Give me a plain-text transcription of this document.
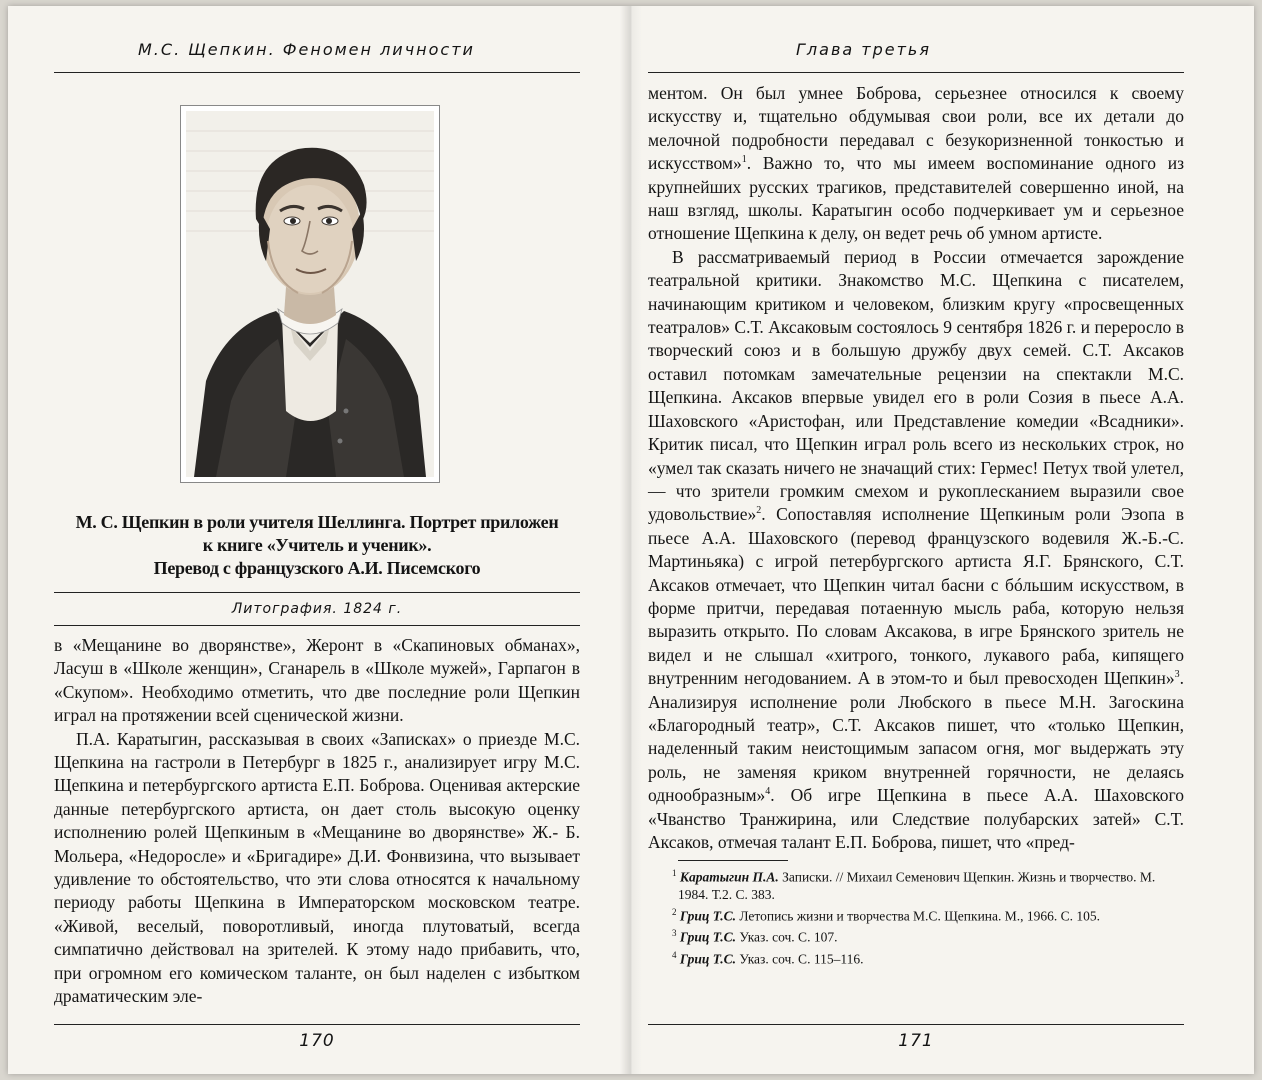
М.С. Щепкин. Феномен личности
М. С. Щепкин в роли учителя Шеллинга. Портрет приложен
к книге «Учитель и ученик».
Перевод с французского А.И. Писемского
Литография. 1824 г.

в «Мещанине во дворянстве», Жеронт в «Скапиновых обманах», Ласуш в «Школе женщин», Сганарель в «Школе мужей», Гарпагон в «Скупом». Необходимо отметить, что две последние роли Щепкин играл на протяжении всей сценической жизни.

П.А. Каратыгин, рассказывая в своих «Записках» о приезде М.С. Щепкина на гастроли в Петербург в 1825 г., анализирует игру М.С. Щепкина и петербургского артиста Е.П. Боброва. Оценивая актерские данные петербургского артиста, он дает столь высокую оценку исполнению ролей Щепкиным в «Мещанине во дворянстве» Ж.- Б. Мольера, «Недоросле» и «Бригадире» Д.И. Фонвизина, что вызывает удивление то обстоятельство, что эти слова относятся к начальному периоду работы Щепкина в Императорском московском театре. «Живой, веселый, поворотливый, иногда плутоватый, всегда симпатично действовал на зрителей. К этому надо прибавить, что, при огромном его комическом таланте, он был наделен с избытком драматическим эле-

170
Глава третья

ментом. Он был умнее Боброва, серьезнее относился к своему искусству и, тщательно обдумывая свои роли, все их детали до мелочной подробности передавал с безукоризненной тонкостью и искусством»$^1$. Важно то, что мы имеем воспоминание одного из крупнейших русских трагиков, представителей совершенно иной, на наш взгляд, школы. Каратыгин особо подчеркивает ум и серьезное отношение Щепкина к делу, он ведет речь об умном артисте.

В рассматриваемый период в России отмечается зарождение театральной критики. Знакомство М.С. Щепкина с писателем, начинающим критиком и человеком, близким кругу «просвещенных театралов» С.Т. Аксаковым состоялось 9 сентября 1826 г. и переросло в творческий союз и в большую дружбу двух семей. С.Т. Аксаков оставил потомкам замечательные рецензии на спектакли М.С. Щепкина. Аксаков впервые увидел его в роли Созия в пьесе А.А. Шаховского «Аристофан, или Представление комедии «Всадники». Критик писал, что Щепкин играл роль всего из нескольких строк, но «умел так сказать ничего не значащий стих: Гермес! Петух твой улетел, — что зрители громким смехом и рукоплесканием выразили свое удовольствие»$^2$. Сопоставляя исполнение Щепкиным роли Эзопа в пьесе А.А. Шаховского (перевод французского водевиля Ж.-Б.-С. Мартиньяка) с игрой петербургского артиста Я.Г. Брянского, С.Т. Аксаков отмечает, что Щепкин читал басни с бóльшим искусством, в форме притчи, передавая потаенную мысль раба, которую нельзя выразить открыто. По словам Аксакова, в игре Брянского зритель не видел и не слышал «хитрого, тонкого, лукавого раба, кипящего внутренним негодованием. А в этом-то и был превосходен Щепкин»$^3$. Анализируя исполнение роли Любского в пьесе М.Н. Загоскина «Благородный театр», С.Т. Аксаков пишет, что «только Щепкин, наделенный таким неистощимым запасом огня, мог выдержать эту роль, не заменяя криком внутренней горячности, не делаясь однообразным»$^4$. Об игре Щепкина в пьесе А.А. Шаховского «Чванство Транжирина, или Следствие полубарских затей» С.Т. Аксаков, отмечая талант Е.П. Боброва, пишет, что «пред-

$^1$ Каратыгин П.А. Записки. // Михаил Семенович Щепкин. Жизнь и творчество. М. 1984. Т.2. С. 383.

$^2$ Гриц Т.С. Летопись жизни и творчества М.С. Щепкина. М., 1966. С. 105.

$^3$ Гриц Т.С. Указ. соч. С. 107.

$^4$ Гриц Т.С. Указ. соч. С. 115–116.

171
